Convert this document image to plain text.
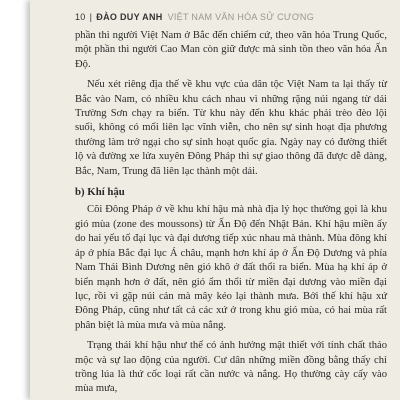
10 | ĐÀO DUY ANH VIỆT NAM VĂN HÓA SỬ CƯƠNG

phần thì người Việt Nam ở Bắc đến chiếm cứ, theo văn hóa Trung Quốc, một phần thì người Cao Man còn giữ được mà sinh tồn theo văn hóa Ấn Độ.

Nếu xét riêng địa thế về khu vực của dân tộc Việt Nam ta lại thấy từ Bắc vào Nam, có nhiều khu cách nhau vì những rặng núi ngang từ dải Trường Sơn chạy ra biển. Từ khu này đến khu khác phải trèo đèo lội suối, không có mối liên lạc vĩnh viễn, cho nên sự sinh hoạt địa phương thường làm trở ngại cho sự sinh hoạt quốc gia. Ngày nay có đường thiết lộ và đường xe lửa xuyên Đông Pháp thì sự giao thông đã được dễ dàng, Bắc, Nam, Trung đã liên lạc thành một dải.

b) Khí hậu

Cõi Đông Pháp ở về khu khí hậu mà nhà địa lý học thường gọi là khu gió mùa (zone des moussons) từ Ấn Độ đến Nhật Bản. Khí hậu miền ấy do hai yếu tố đại lục và đại dương tiếp xúc nhau mà thành. Mùa đông khí áp ở phía Bắc đại lục Á châu, mạnh hơn khí áp ở Ấn Độ Dương và phía Nam Thái Bình Dương nên gió khô ở đất thổi ra biển. Mùa hạ khí áp ở biển mạnh hơn ở đất, nên gió ẩm thổi từ miền đại dương vào miền đại lục, rồi vì gặp núi cản mà mây kéo lại thành mưa. Bởi thế khí hậu xứ Đông Pháp, cũng như tất cả các xứ ở trong khu gió mùa, có hai mùa rất phân biệt là mùa mưa và mùa nắng.

Trạng thái khí hậu như thế có ảnh hưởng mật thiết với tính chất thảo mộc và sự lao động của người. Cư dân những miền đồng bằng thấy chỉ trồng lúa là thứ cốc loại rất cần nước và nắng. Họ thường cày cấy vào mùa mưa,
